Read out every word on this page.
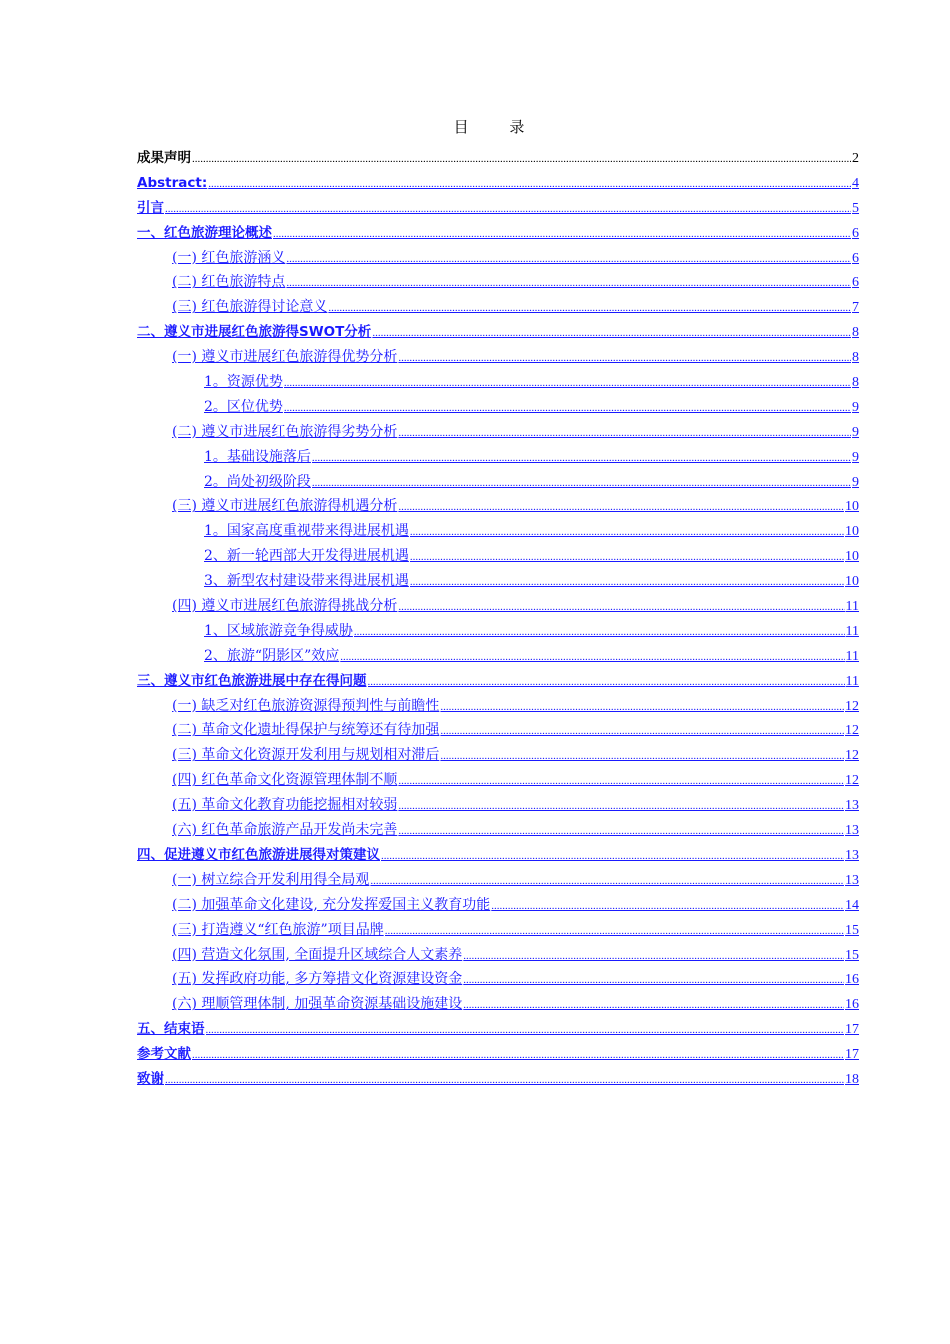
目 录
成果声明 .....	2
Abstract: .....	4
引言 .....	5
一、红色旅游理论概述 .....	6
(一) 红色旅游涵义 .....	6
(二) 红色旅游特点 .....	6
(三) 红色旅游得讨论意义 .....	7
二、遵义市进展红色旅游得SWOT分析 .....	8
(一) 遵义市进展红色旅游得优势分析 .....	8
1。资源优势 .....	8
2。区位优势 .....	9
(二) 遵义市进展红色旅游得劣势分析 .....	9
1。基础设施落后 .....	9
2。尚处初级阶段 .....	9
(三) 遵义市进展红色旅游得机遇分析 .....	10
1。国家高度重视带来得进展机遇 .....	10
2、新一轮西部大开发得进展机遇 .....	10
3、新型农村建设带来得进展机遇 .....	10
(四) 遵义市进展红色旅游得挑战分析 .....	11
1、区域旅游竞争得威胁 .....	11
2、旅游“阴影区”效应 .....	11
三、遵义市红色旅游进展中存在得问题 .....	11
(一) 缺乏对红色旅游资源得预判性与前瞻性 .....	12
(二) 革命文化遗址得保护与统筹还有待加强 .....	12
(三) 革命文化资源开发利用与规划相对滞后 .....	12
(四) 红色革命文化资源管理体制不顺 .....	12
(五) 革命文化教育功能挖掘相对较弱 .....	13
(六) 红色革命旅游产品开发尚未完善 .....	13
四、促进遵义市红色旅游进展得对策建议 .....	13
(一) 树立综合开发利用得全局观 .....	13
(二) 加强革命文化建设, 充分发挥爱国主义教育功能 .....	14
(三) 打造遵义“红色旅游”项目品牌 .....	15
(四) 营造文化氛围, 全面提升区域综合人文素养 .....	15
(五) 发挥政府功能, 多方筹措文化资源建设资金 .....	16
(六) 理顺管理体制, 加强革命资源基础设施建设 .....	16
五、结束语 .....	17
参考文献 .....	17
致谢 .....	18
